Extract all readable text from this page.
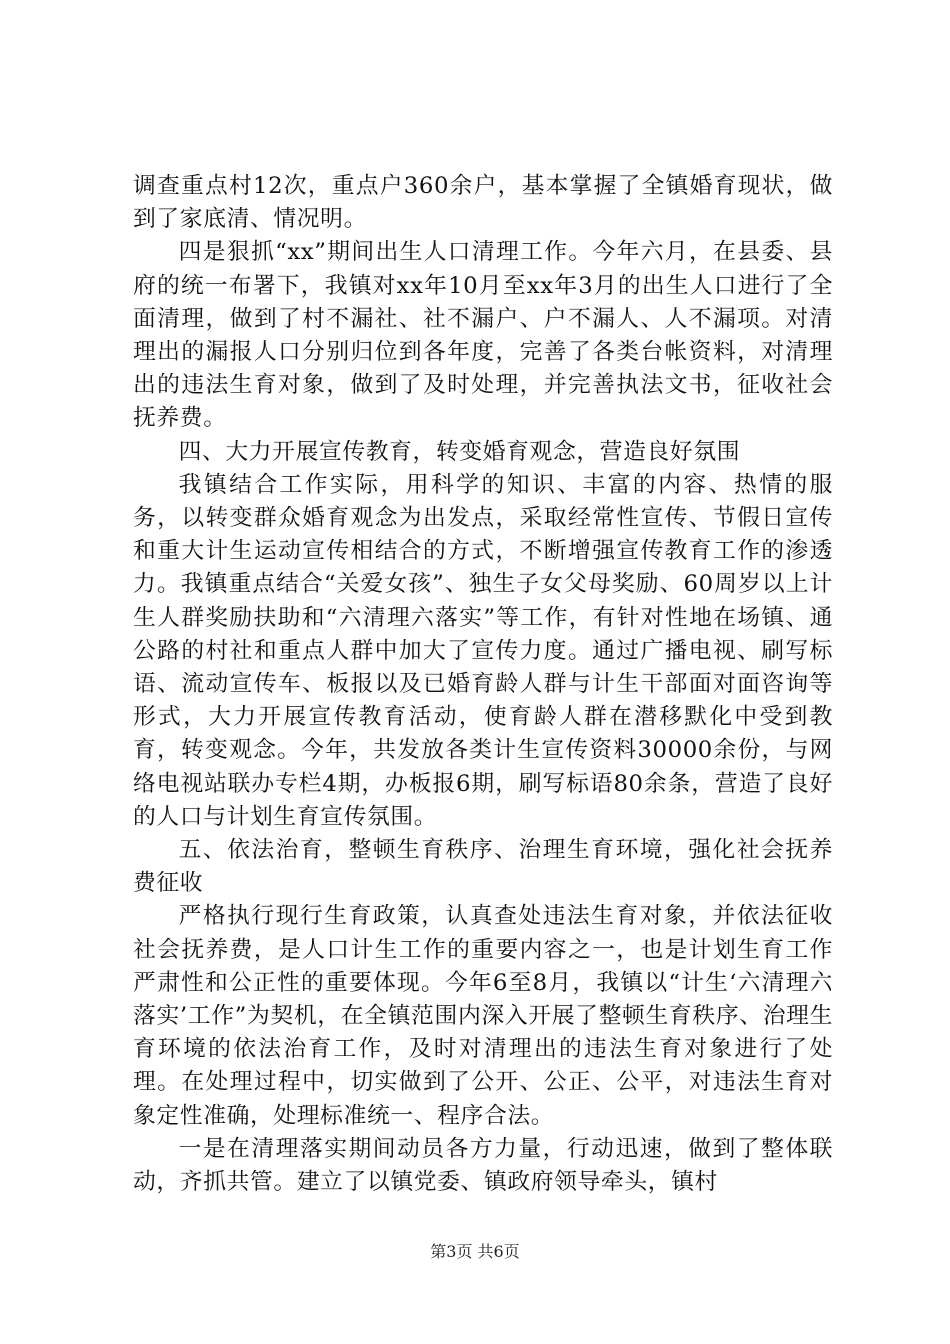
调查重点村12次，重点户360余户，基本掌握了全镇婚育现状，做到了家底清、情况明。

四是狠抓“xx”期间出生人口清理工作。今年六月，在县委、县府的统一布署下，我镇对xx年10月至xx年3月的出生人口进行了全面清理，做到了村不漏社、社不漏户、户不漏人、人不漏项。对清理出的漏报人口分别归位到各年度，完善了各类台帐资料，对清理出的违法生育对象，做到了及时处理，并完善执法文书，征收社会抚养费。

四、大力开展宣传教育，转变婚育观念，营造良好氛围

我镇结合工作实际，用科学的知识、丰富的内容、热情的服务，以转变群众婚育观念为出发点，采取经常性宣传、节假日宣传和重大计生运动宣传相结合的方式，不断增强宣传教育工作的渗透力。我镇重点结合“关爱女孩”、独生子女父母奖励、60周岁以上计生人群奖励扶助和“六清理六落实”等工作，有针对性地在场镇、通公路的村社和重点人群中加大了宣传力度。通过广播电视、刷写标语、流动宣传车、板报以及已婚育龄人群与计生干部面对面咨询等形式，大力开展宣传教育活动，使育龄人群在潜移默化中受到教育，转变观念。今年，共发放各类计生宣传资料30000余份，与网络电视站联办专栏4期，办板报6期，刷写标语80余条，营造了良好的人口与计划生育宣传氛围。

五、依法治育，整顿生育秩序、治理生育环境，强化社会抚养费征收

严格执行现行生育政策，认真查处违法生育对象，并依法征收社会抚养费，是人口计生工作的重要内容之一，也是计划生育工作严肃性和公正性的重要体现。今年6至8月，我镇以“计生‘六清理六落实’工作”为契机，在全镇范围内深入开展了整顿生育秩序、治理生育环境的依法治育工作，及时对清理出的违法生育对象进行了处理。在处理过程中，切实做到了公开、公正、公平，对违法生育对象定性准确，处理标准统一、程序合法。

一是在清理落实期间动员各方力量，行动迅速，做到了整体联动，齐抓共管。建立了以镇党委、镇政府领导牵头，镇村

第3页 共6页
